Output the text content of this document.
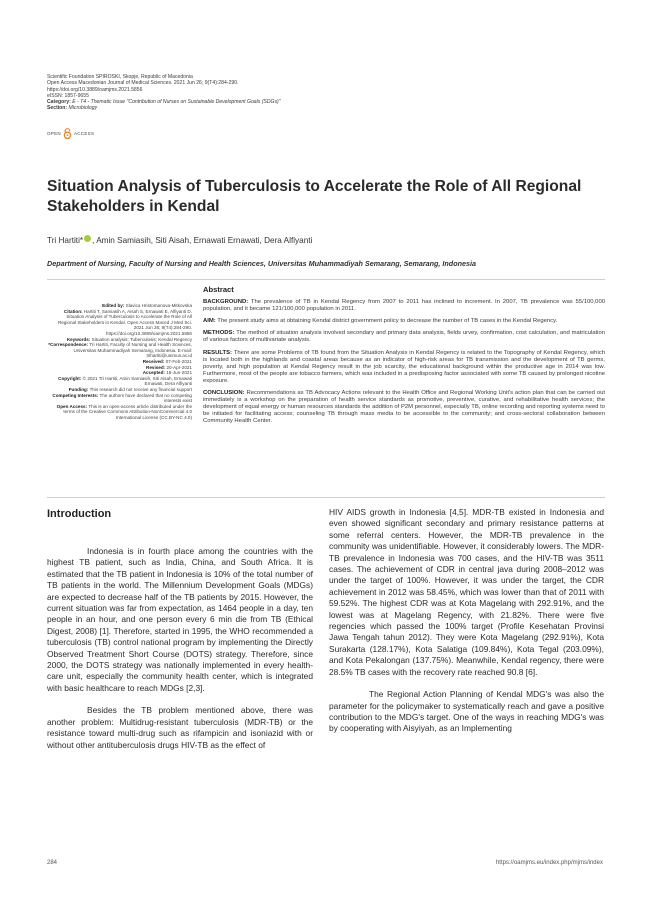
Scientific Foundation SPIROSKI, Skopje, Republic of Macedonia
Open Access Macedonian Journal of Medical Sciences. 2021 Jun 26; 9(T4):284-290.
https://doi.org/10.3889/oamjms.2021.5856
eISSN: 1857-9655
Category: E - T4 - Thematic Issue "Contribution of Nurses on Sustainable Development Goals (SDGs)"
Section: Microbiology
OPEN	ACCESS
Situation Analysis of Tuberculosis to Accelerate the Role of All Regional Stakeholders in Kendal
Tri Hartiti* , Amin Samiasih, Siti Aisah, Ernawati Ernawati, Dera Alfiyanti
Department of Nursing, Faculty of Nursing and Health Sciences, Universitas Muhammadiyah Semarang, Semarang, Indonesia
Edited by: Slavica Hristomanova-Mitkovska
Citation: Hartiti T, Samiasih A, Aisah S, Ernawati E, Alfiyanti D. Situation Analysis of Tuberculosis to Accelerate the Role of All Regional Stakeholders in Kendal. Open Access Maced J Med Sci. 2021 Jun 26; 9(T4):284-290. https://doi.org/10.3889/oamjms.2021.5856
Keywords: Situation analysis; Tuberculosis; Kendal Regency
*Correspondence: Tri Hartiti, Faculty of Nursing and Health Sciences, Universitas Muhammadiyah Semarang, Indonesia. E-mail: trihartiti@unimus.ac.id
Received: 07-Feb-2021
Revised: 20-Apr-2021
Accepted: 16-Jun-2021
Copyright: © 2021 Tri Hartiti, Amin Samiasih, Siti Aisah, Ernawati Ernawati, Dera Alfiyanti
Funding: This research did not receive any financial support
Competing Interests: The authors have declared that no competing interests exist
Open Access: This is an open-access article distributed under the terms of the Creative Commons Attribution-NonCommercial 4.0 International License (CC BY-NC 4.0)
Abstract

BACKGROUND: The prevalence of TB in Kendal Regency from 2007 to 2011 has inclined to increment. In 2007, TB prevalence was 55/100,000 population, and it became 121/100,000 population in 2011.

AIM: The present study aims at obtaining Kendal district government policy to decrease the number of TB cases in the Kendal Regency.

METHODS: The method of situation analysis involved secondary and primary data analysis, fields urvey, confirmation, cost calculation, and matriculation of various factors of multivariate analysis.

RESULTS: There are some Problems of TB found from the Situation Analysis in Kendal Regency is related to the Topography of Kendal Regency, which is located both in the highlands and coastal areas because as an indicator of high-risk areas for TB transmission and the development of TB germs, poverty, and high population at Kendal Regency result in the job scarcity, the educational background within the productive age in 2014 was low. Furthermore, most of the people are tobacco farmers, which was included in a predisposing factor associated with some TB caused by prolonged nicotine exposure.

CONCLUSION: Recommendations as TB Advocacy Actions relevant to the Health Office and Regional Working Unit's action plan that can be carried out immediately is a workshop on the preparation of health service standards as promotive, preventive, curative, and rehabilitative health services; the development of equal energy or human resources standards the addition of P2M personnel, especially TB, online recording and reporting systems need to be initiated for facilitating access; counseling TB through mass media to be accessible to the community; and cross-sectoral collaboration between Community Health Center.

Introduction

Indonesia is in fourth place among the countries with the highest TB patient, such as India, China, and South Africa. It is estimated that the TB patient in Indonesia is 10% of the total number of TB patients in the world. The Millennium Development Goals (MDGs) are expected to decrease half of the TB patients by 2015. However, the current situation was far from expectation, as 1464 people in a day, ten people in an hour, and one person every 6 min die from TB (Ethical Digest, 2008) [1]. Therefore, started in 1995, the WHO recommended a tuberculosis (TB) control national program by implementing the Directly Observed Treatment Short Course (DOTS) strategy. Therefore, since 2000, the DOTS strategy was nationally implemented in every health-care unit, especially the community health center, which is integrated with basic healthcare to reach MDGs [2,3].

Besides the TB problem mentioned above, there was another problem: Multidrug-resistant tuberculosis (MDR-TB) or the resistance toward multi-drug such as rifampicin and isoniazid with or without other antituberculosis drugs HIV-TB as the effect of

HIV AIDS growth in Indonesia [4,5]. MDR-TB existed in Indonesia and even showed significant secondary and primary resistance patterns at some referral centers. However, the MDR-TB prevalence in the community was unidentifiable. However, it considerably lowers. The MDR-TB prevalence in Indonesia was 700 cases, and the HIV-TB was 3511 cases. The achievement of CDR in central java during 2008–2012 was under the target of 100%. However, it was under the target, the CDR achievement in 2012 was 58.45%, which was lower than that of 2011 with 59.52%. The highest CDR was at Kota Magelang with 292.91%, and the lowest was at Magelang Regency, with 21.82%. There were five regencies which passed the 100% target (Profile Kesehatan Provinsi Jawa Tengah tahun 2012). They were Kota Magelang (292.91%), Kota Surakarta (128.17%), Kota Salatiga (109.84%), Kota Tegal (203.09%), and Kota Pekalongan (137.75%). Meanwhile, Kendal regency, there were 28.5% TB cases with the recovery rate reached 90.8 [6].

The Regional Action Planning of Kendal MDG's was also the parameter for the policymaker to systematically reach and gave a positive contribution to the MDG's target. One of the ways in reaching MDG's was by cooperating with Aisyiyah, as an Implementing

284	https://oamjms.eu/index.php/mjms/index
